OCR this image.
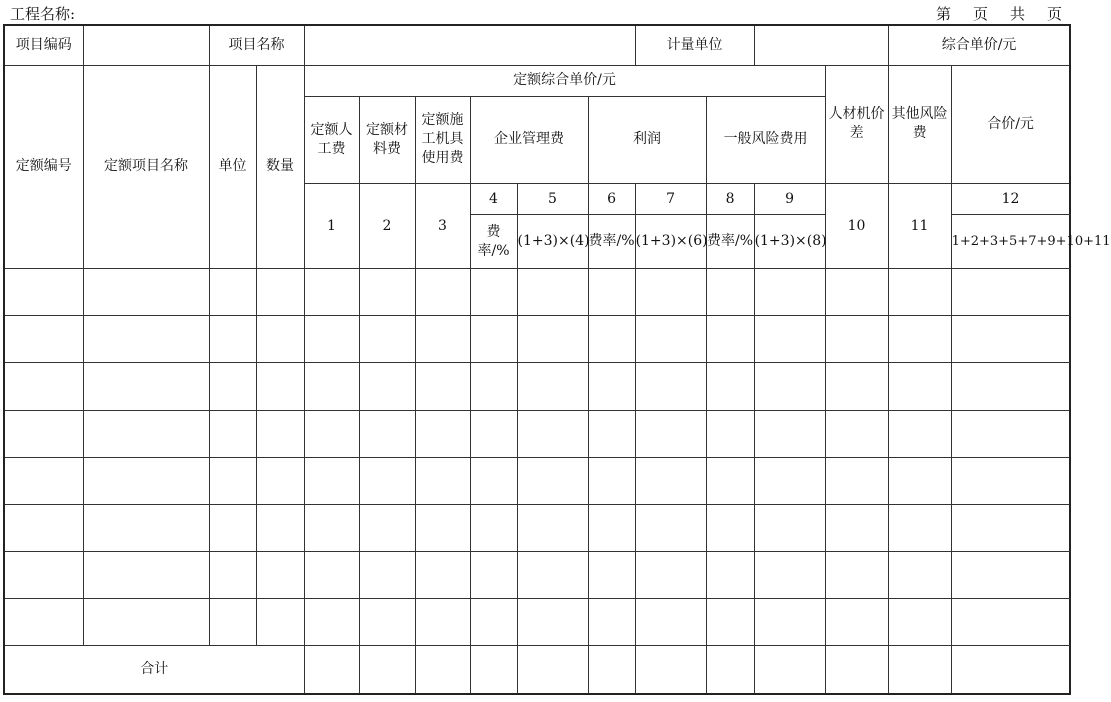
工程名称:	第 页 共 页
项目编码		项目名称								计量单位				综合单价/元		
定额编号	定额项目名称	单位	数量	定额综合单价/元									人材机价差	其他风险费	合价/元	
				定额人工费	定额材料费	定额施工机具使用费	企业管理费		利润		一般风险费用					
				1	2	3	4	5	6	7	8	9	10	11	12	
							费率/%	(1+3)×(4)	费率/%	(1+3)×(6)	费率/%	(1+3)×(8)			1+2+3+5+7+9+10+11	

合计																
